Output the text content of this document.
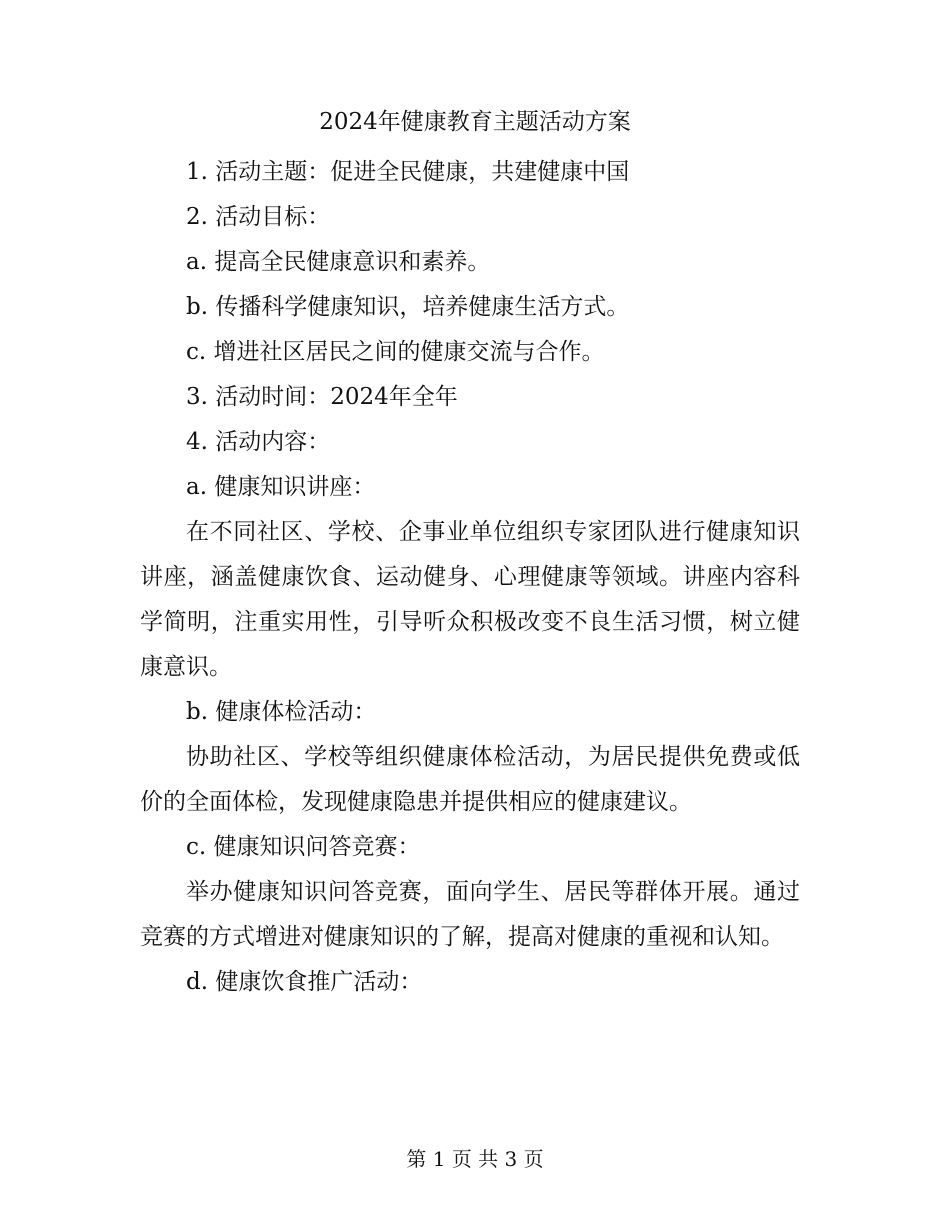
2024年健康教育主题活动方案

1. 活动主题：促进全民健康，共建健康中国

2. 活动目标：

a. 提高全民健康意识和素养。

b. 传播科学健康知识，培养健康生活方式。

c. 增进社区居民之间的健康交流与合作。

3. 活动时间：2024年全年

4. 活动内容：

a. 健康知识讲座：

在不同社区、学校、企事业单位组织专家团队进行健康知识讲座，涵盖健康饮食、运动健身、心理健康等领域。讲座内容科学简明，注重实用性，引导听众积极改变不良生活习惯，树立健康意识。

b. 健康体检活动：

协助社区、学校等组织健康体检活动，为居民提供免费或低价的全面体检，发现健康隐患并提供相应的健康建议。

c. 健康知识问答竞赛：

举办健康知识问答竞赛，面向学生、居民等群体开展。通过竞赛的方式增进对健康知识的了解，提高对健康的重视和认知。

d. 健康饮食推广活动：

第 1 页 共 3 页
